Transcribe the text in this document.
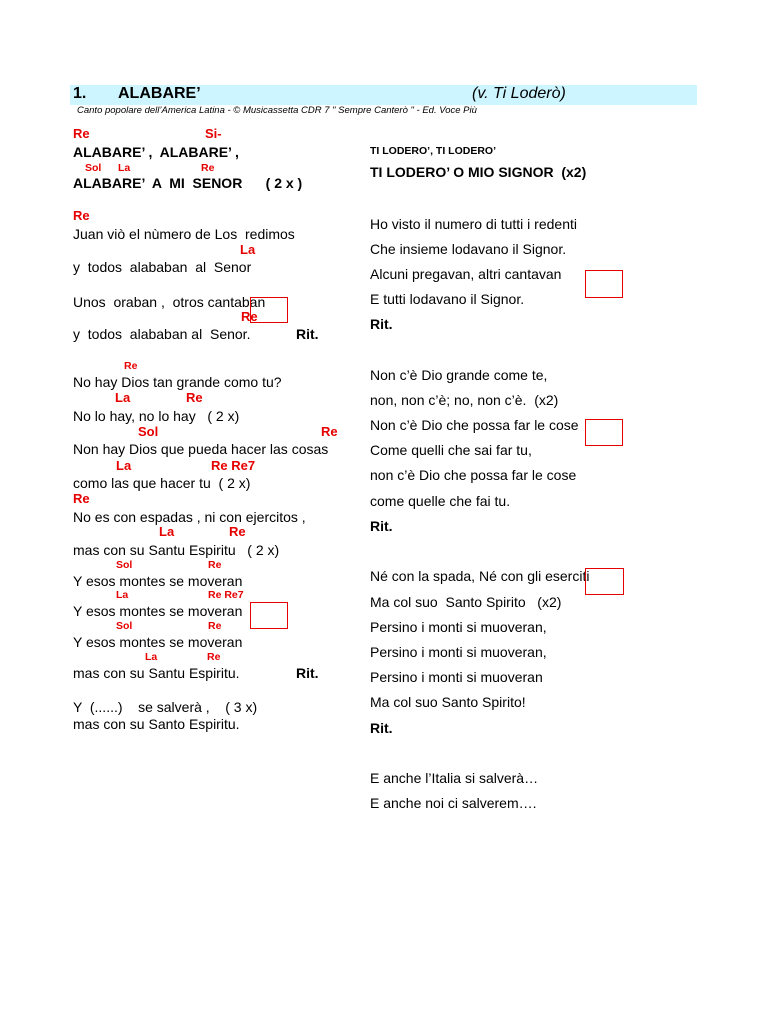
1. ALABARE’	(v. Ti Loderò)
Canto popolare dell’America Latina - © Musicassetta CDR 7 " Sempre Canterò " - Ed. Voce Più
Re	Si-
ALABARE’ ,  ALABARE’ ,
Sol La	Re
ALABARE’  A  MI  SENOR      ( 2 x )
Re
Juan viò el nùmero de Los  redimos
La
y  todos  alababan  al  Senor
Unos  oraban ,  otros cantaban
Re
y  todos  alababan al  Senor.	Rit.
Re
No hay Dios tan grande como tu?
La	Re
No lo hay, no lo hay   ( 2 x)
Sol	Re
Non hay Dios que pueda hacer las cosas
La	Re Re7
como las que hacer tu  ( 2 x)
Re
No es con espadas , ni con ejercitos ,
La	Re
mas con su Santu Espiritu   ( 2 x)
Sol	Re
Y esos montes se moveran
La	Re Re7
Y esos montes se moveran
Sol	Re
Y esos montes se moveran
La	Re
mas con su Santu Espiritu.	Rit.
Y  (......)    se salverà ,    ( 3 x)
mas con su Santo Espiritu.
TI LODERO’, TI LODERO’
TI LODERO’ O MIO SIGNOR  (x2)
Ho visto il numero di tutti i redenti
Che insieme lodavano il Signor.
Alcuni pregavan, altri cantavan
E tutti lodavano il Signor.
Rit.
Non c’è Dio grande come te,
non, non c’è; no, non c’è.  (x2)
Non c’è Dio che possa far le cose
Come quelli che sai far tu,
non c’è Dio che possa far le cose
come quelle che fai tu.
Rit.
Né con la spada, Né con gli eserciti
Ma col suo  Santo Spirito   (x2)
Persino i monti si muoveran,
Persino i monti si muoveran,
Persino i monti si muoveran
Ma col suo Santo Spirito!
Rit.
E anche l’Italia si salverà…
E anche noi ci salverem….
